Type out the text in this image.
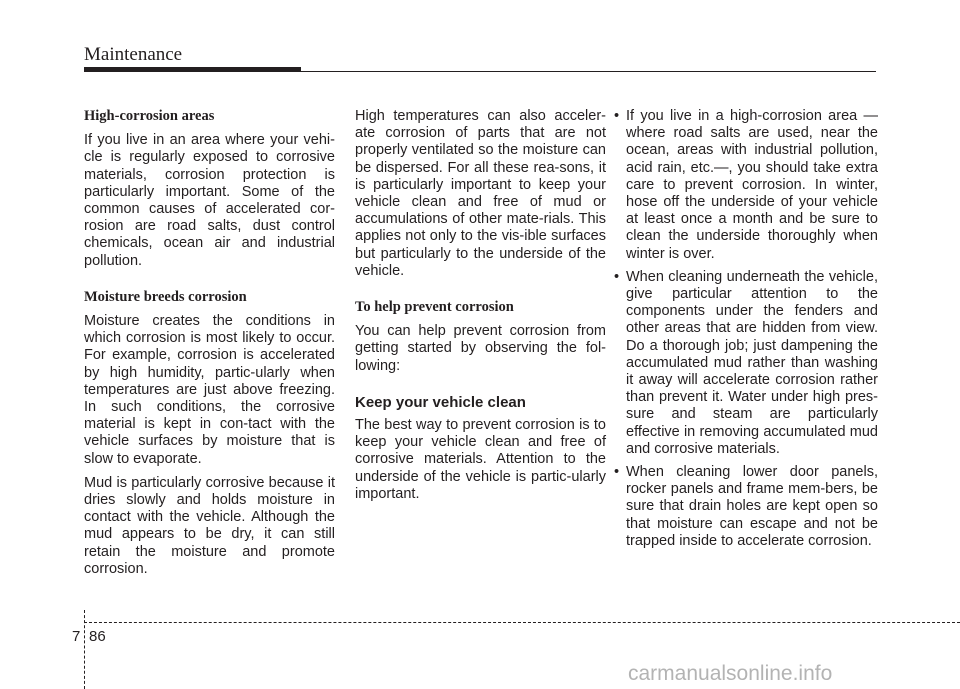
Maintenance
High-corrosion areas

If you live in an area where your vehi-cle is regularly exposed to corrosive materials, corrosion protection is particularly important. Some of the common causes of accelerated cor-rosion are road salts, dust control chemicals, ocean air and industrial pollution.

Moisture breeds corrosion

Moisture creates the conditions in which corrosion is most likely to occur. For example, corrosion is accelerated by high humidity, partic-ularly when temperatures are just above freezing. In such conditions, the corrosive material is kept in con-tact with the vehicle surfaces by moisture that is slow to evaporate.

Mud is particularly corrosive because it dries slowly and holds moisture in contact with the vehicle. Although the mud appears to be dry, it can still retain the moisture and promote corrosion.

High temperatures can also acceler-ate corrosion of parts that are not properly ventilated so the moisture can be dispersed. For all these rea-sons, it is particularly important to keep your vehicle clean and free of mud or accumulations of other mate-rials. This applies not only to the vis-ible surfaces but particularly to the underside of the vehicle.

To help prevent corrosion

You can help prevent corrosion from getting started by observing the fol-lowing:

Keep your vehicle clean

The best way to prevent corrosion is to keep your vehicle clean and free of corrosive materials. Attention to the underside of the vehicle is partic-ularly important.

• If you live in a high-corrosion area — where road salts are used, near the ocean, areas with industrial pollution, acid rain, etc.—, you should take extra care to prevent corrosion. In winter, hose off the underside of your vehicle at least once a month and be sure to clean the underside thoroughly when winter is over.
• When cleaning underneath the vehicle, give particular attention to the components under the fenders and other areas that are hidden from view. Do a thorough job; just dampening the accumulated mud rather than washing it away will accelerate corrosion rather than prevent it. Water under high pres-sure and steam are particularly effective in removing accumulated mud and corrosive materials.
• When cleaning lower door panels, rocker panels and frame mem-bers, be sure that drain holes are kept open so that moisture can escape and not be trapped inside to accelerate corrosion.
7 86
carmanualsonline.info
